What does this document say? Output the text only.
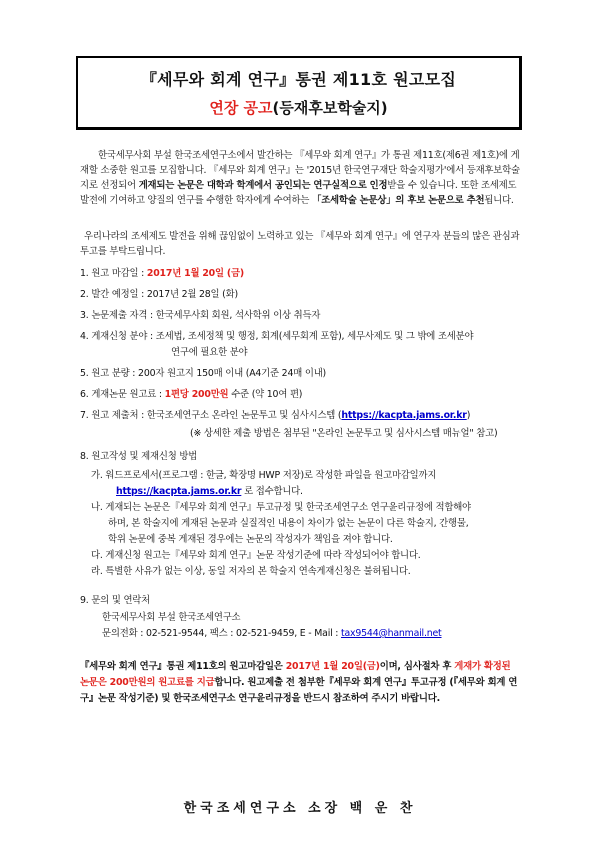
『세무와 회계 연구』통권 제11호 원고모집
연장 공고(등재후보학술지)
한국세무사회 부설 한국조세연구소에서 발간하는 『세무와 회계 연구』가 통권 제11호(제6권 제1호)에 게재할 소중한 원고를 모집합니다. 『세무와 회계 연구』는 '2015년 한국연구재단 학술지평가'에서 등재후보학술지로 선정되어 게재되는 논문은 대학과 학계에서 공인되는 연구실적으로 인정받을 수 있습니다. 또한 조세제도 발전에 기여하고 양질의 연구를 수행한 학자에게 수여하는 「조세학술 논문상」의 후보 논문으로 추천됩니다.
우리나라의 조세제도 발전을 위해 끊임없이 노력하고 있는 『세무와 회계 연구』에 연구자 분들의 많은 관심과 투고를 부탁드립니다.
1. 원고 마감일 : 2017년 1월 20일 (금)
2. 발간 예정일 : 2017년 2월 28일 (화)
3. 논문제출 자격 : 한국세무사회 회원, 석사학위 이상 취득자
4. 게재신청 분야 : 조세법, 조세정책 및 행정, 회계(세무회계 포함), 세무사제도 및 그 밖에 조세분야
연구에 필요한 분야
5. 원고 분량 : 200자 원고지 150매 이내 (A4기준 24매 이내)
6. 게재논문 원고료 : 1편당 200만원 수준 (약 10여 편)
7. 원고 제출처 : 한국조세연구소 온라인 논문투고 및 심사시스템 (https://kacpta.jams.or.kr)
(※ 상세한 제출 방법은 첨부된 "온라인 논문투고 및 심사시스템 매뉴얼" 참고)
8. 원고작성 및 제재신청 방법
가. 워드프로세서(프로그램 : 한글, 확장명 HWP 저장)로 작성한 파일을 원고마감일까지
https://kacpta.jams.or.kr 로 접수합니다.
나. 게재되는 논문은『세무와 회계 연구』투고규정 및 한국조세연구소 연구윤리규정에 적합해야
하며, 본 학술지에 게재된 논문과 실질적인 내용이 차이가 없는 논문이 다른 학술지, 간행물,
학위 논문에 중복 게재된 경우에는 논문의 작성자가 책임을 져야 합니다.
다. 게재신청 원고는『세무와 회계 연구』논문 작성기준에 따라 작성되어야 합니다.
라. 특별한 사유가 없는 이상, 동일 저자의 본 학술지 연속게재신청은 불허됩니다.
9. 문의 및 연락처
한국세무사회 부설 한국조세연구소
문의전화 : 02-521-9544, 팩스 : 02-521-9459, E - Mail : tax9544@hanmail.net
『세무와 회계 연구』통권 제11호의 원고마감일은 2017년 1월 20일(금)이며, 심사절차 후 게재가 확정된 논문은 200만원의 원고료를 지급합니다. 원고제출 전 첨부한『세무와 회계 연구』투고규정 (『세무와 회계 연구』논문 작성기준) 및 한국조세연구소 연구윤리규정을 반드시 참조하여 주시기 바랍니다.
한국조세연구소 소장 백 운 찬
